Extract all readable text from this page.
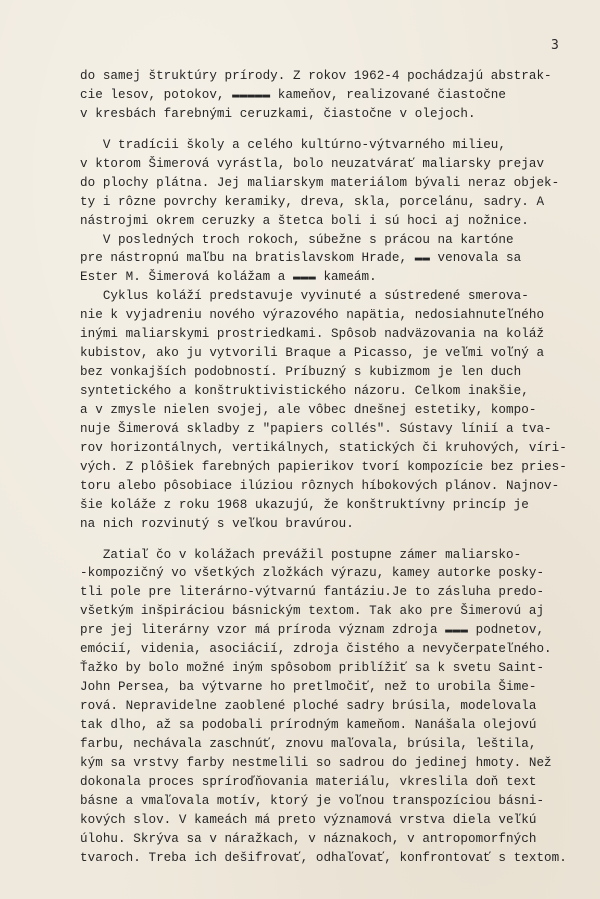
3
do samej štruktúry prírody. Z rokov 1962-4 pochádzajú abstrak-
cie lesov, potokov, ▬▬▬▬▬ kameňov, realizované čiastočne
v kresbách farebnými ceruzkami, čiastočne v olejoch.
V tradícii školy a celého kultúrno-výtvarného milieu,
v ktorom Šimerová vyrástla, bolo neuzatvárať maliarsky prejav
do plochy plátna. Jej maliarskym materiálom bývali neraz objek-
ty i rôzne povrchy keramiky, dreva, skla, porcelánu, sadry. A
nástrojmi okrem ceruzky a štetca boli i sú hoci aj nožnice.
V posledných troch rokoch, súbežne s prácou na kartóne
pre nástropnú maľbu na bratislavskom Hrade, ▬▬ venovala sa
Ester M. Šimerová kolážam a ▬▬▬ kameám.
Cyklus koláží predstavuje vyvinuté a sústredené smerova-
nie k vyjadreniu nového výrazového napätia, nedosiahnuteľného
inými maliarskymi prostriedkami. Spôsob nadväzovania na koláž
kubistov, ako ju vytvorili Braque a Picasso, je veľmi voľný a
bez vonkajších podobností. Príbuzný s kubizmom je len duch
syntetického a konštruktivistického názoru. Celkom inakšie,
a v zmysle nielen svojej, ale vôbec dnešnej estetiky, kompo-
nuje Šimerová skladby z "papiers collés". Sústavy línií a tva-
rov horizontálnych, vertikálnych, statických či kruhových, víri-
vých. Z plôšiek farebných papierikov tvorí kompozície bez pries-
toru alebo pôsobiace ilúziou rôznych híbokových plánov. Najnov-
šie koláže z roku 1968 ukazujú, že konštruktívny princíp je
na nich rozvinutý s veľkou bravúrou.
Zatiaľ čo v kolážach prevážil postupne zámer maliarsko-
-kompozičný vo všetkých zložkách výrazu, kamey autorke posky-
tli pole pre literárno-výtvarnú fantáziu.Je to zásluha predo-
všetkým inšpiráciou básnickým textom. Tak ako pre Šimerovú aj
pre jej literárny vzor má príroda význam zdroja ▬▬▬ podnetov,
emócií, videnia, asociácií, zdroja čistého a nevyčerpateľného.
Ťažko by bolo možné iným spôsobom priblížiť sa k svetu Saint-
John Persea, ba výtvarne ho pretlmočiť, než to urobila Šime-
rová. Nepravidelne zaoblené ploché sadry brúsila, modelovala
tak dlho, až sa podobali prírodným kameňom. Nanášala olejovú
farbu, nechávala zaschnúť, znovu maľovala, brúsila, leštila,
kým sa vrstvy farby nestmelili so sadrou do jedinej hmoty. Než
dokonala proces spríroďňovania materiálu, vkreslila doň text
básne a vmaľovala motív, ktorý je voľnou transpozíciou básni-
kových slov. V kameách má preto významová vrstva diela veľkú
úlohu. Skrýva sa v náražkach, v náznakoch, v antropomorfných
tvaroch. Treba ich dešifrovať, odhaľovať, konfrontovať s textom.
